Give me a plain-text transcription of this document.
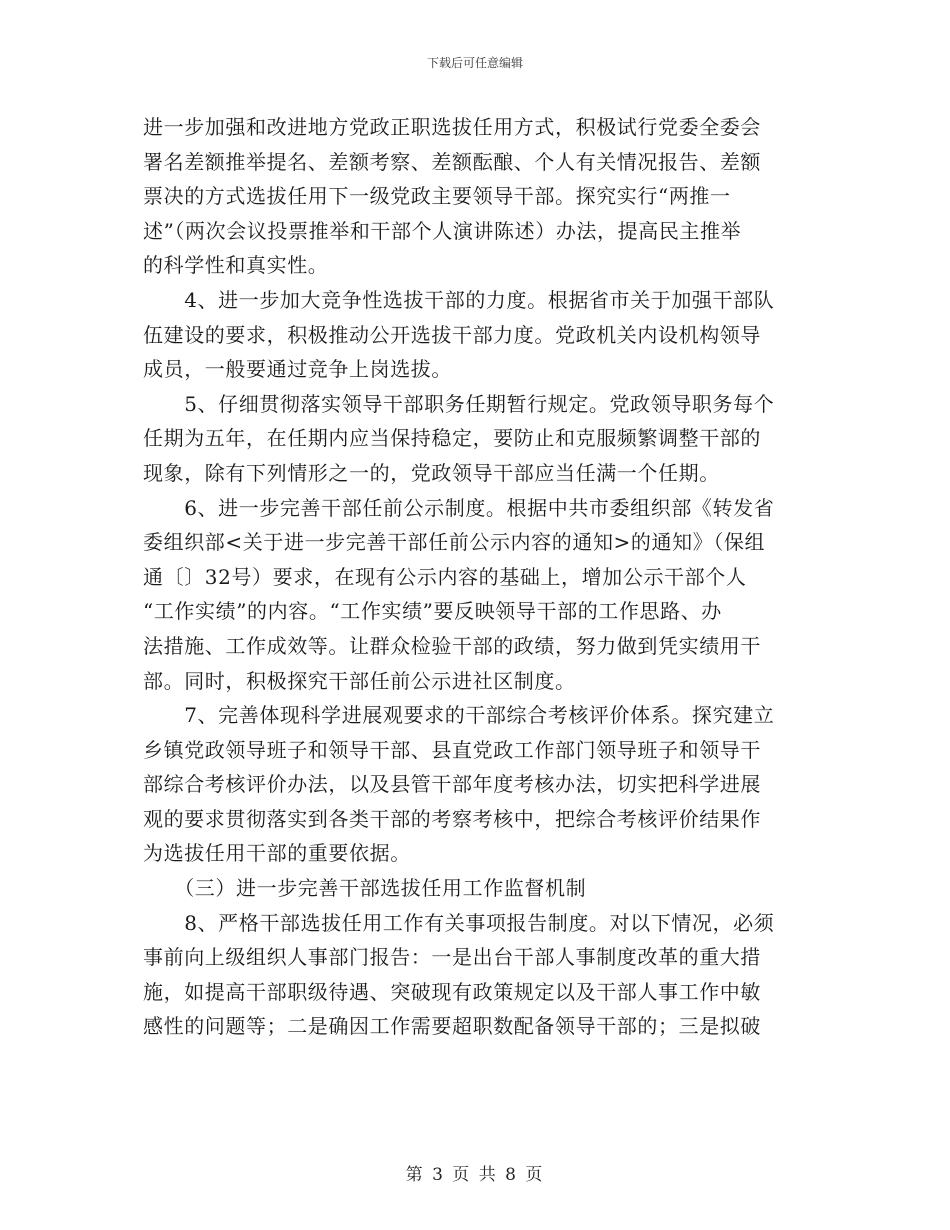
下载后可任意编辑
进一步加强和改进地方党政正职选拔任用方式，积极试行党委全委会
署名差额推举提名、差额考察、差额酝酿、个人有关情况报告、差额
票决的方式选拔任用下一级党政主要领导干部。探究实行“两推一
述”（两次会议投票推举和干部个人演讲陈述）办法，提高民主推举
的科学性和真实性。
　　4、进一步加大竞争性选拔干部的力度。根据省市关于加强干部队
伍建设的要求，积极推动公开选拔干部力度。党政机关内设机构领导
成员，一般要通过竞争上岗选拔。
　　5、仔细贯彻落实领导干部职务任期暂行规定。党政领导职务每个
任期为五年，在任期内应当保持稳定，要防止和克服频繁调整干部的
现象，除有下列情形之一的，党政领导干部应当任满一个任期。
　　6、进一步完善干部任前公示制度。根据中共市委组织部《转发省
委组织部<关于进一步完善干部任前公示内容的通知>的通知》（保组
通〔〕32号）要求，在现有公示内容的基础上，增加公示干部个人
“工作实绩”的内容。“工作实绩”要反映领导干部的工作思路、办
法措施、工作成效等。让群众检验干部的政绩，努力做到凭实绩用干
部。同时，积极探究干部任前公示进社区制度。
　　7、完善体现科学进展观要求的干部综合考核评价体系。探究建立
乡镇党政领导班子和领导干部、县直党政工作部门领导班子和领导干
部综合考核评价办法，以及县管干部年度考核办法，切实把科学进展
观的要求贯彻落实到各类干部的考察考核中，把综合考核评价结果作
为选拔任用干部的重要依据。
　　（三）进一步完善干部选拔任用工作监督机制
　　8、严格干部选拔任用工作有关事项报告制度。对以下情况，必须
事前向上级组织人事部门报告：一是出台干部人事制度改革的重大措
施，如提高干部职级待遇、突破现有政策规定以及干部人事工作中敏
感性的问题等；二是确因工作需要超职数配备领导干部的；三是拟破
第 3 页 共 8 页
